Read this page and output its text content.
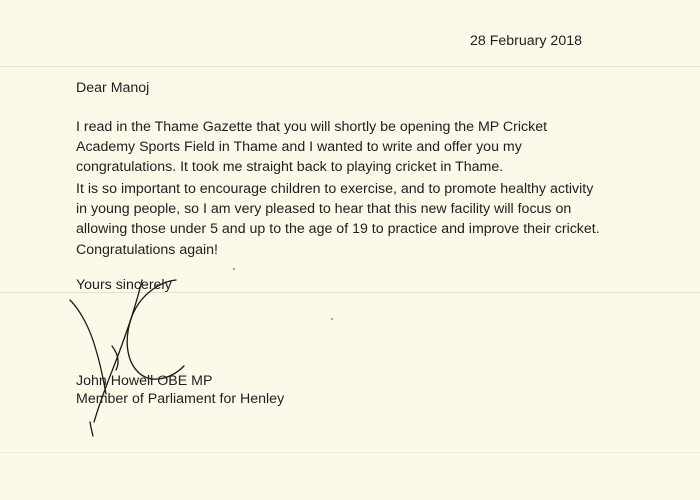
28 February 2018
Dear Manoj
I read in the Thame Gazette that you will shortly be opening the MP Cricket
Academy Sports Field in Thame and I wanted to write and offer you my
congratulations. It took me straight back to playing cricket in Thame.
It is so important to encourage children to exercise, and to promote healthy activity
in young people, so I am very pleased to hear that this new facility will focus on
allowing those under 5 and up to the age of 19 to practice and improve their cricket.
Congratulations again!
Yours sincerely
John Howell OBE MP
Member of Parliament for Henley
